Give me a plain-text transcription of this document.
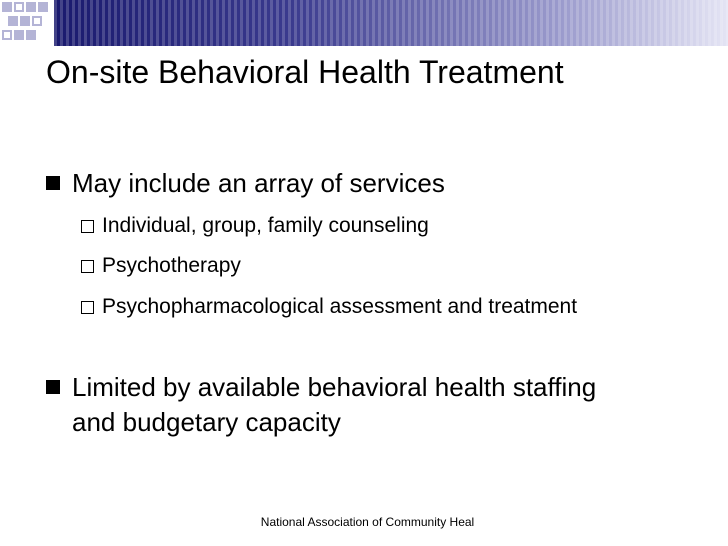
On-site Behavioral Health Treatment
May include an array of services
Individual, group, family counseling
Psychotherapy
Psychopharmacological assessment and treatment
Limited by available behavioral health staffing and budgetary capacity
National Association of Community Heal
